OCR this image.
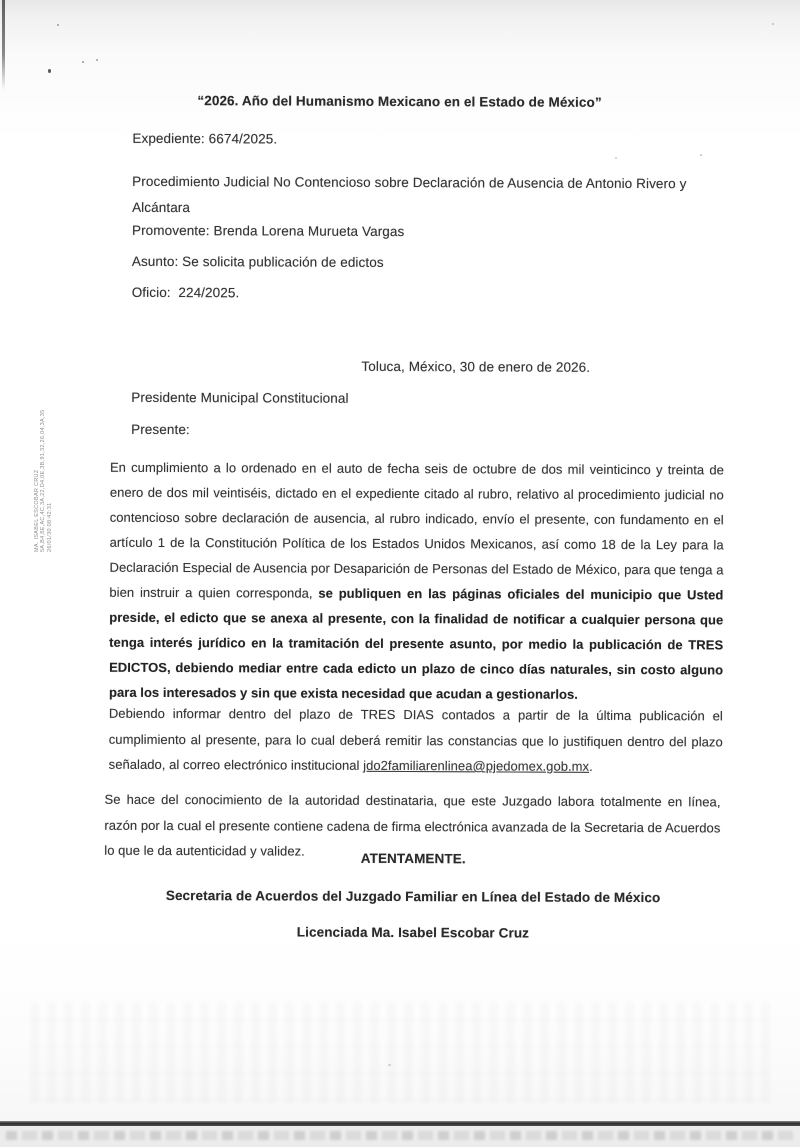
“2026. Año del Humanismo Mexicano en el Estado de México”
Expediente: 6674/2025.
Procedimiento Judicial No Contencioso sobre Declaración de Ausencia de Antonio Rivero y Alcántara
Promovente: Brenda Lorena Murueta Vargas
Asunto: Se solicita publicación de edictos
Oficio:  224/2025.
Toluca, México, 30 de enero de 2026.
Presidente Municipal Constitucional
Presente:
En cumplimiento a lo ordenado en el auto de fecha seis de octubre de dos mil veinticinco y treinta de enero de dos mil veintiséis, dictado en el expediente citado al rubro, relativo al procedimiento judicial no contencioso sobre declaración de ausencia, al rubro indicado, envío el presente, con fundamento en el artículo 1 de la Constitución Política de los Estados Unidos Mexicanos, así como 18 de la Ley para la Declaración Especial de Ausencia por Desaparición de Personas del Estado de México, para que tenga a bien instruir a quien corresponda, se publiquen en las páginas oficiales del municipio que Usted preside, el edicto que se anexa al presente, con la finalidad de notificar a cualquier persona que tenga interés jurídico en la tramitación del presente asunto, por medio la publicación de TRES EDICTOS, debiendo mediar entre cada edicto un plazo de cinco días naturales, sin costo alguno para los interesados y sin que exista necesidad que acudan a gestionarlos.
Debiendo informar dentro del plazo de TRES DIAS contados a partir de la última publicación el cumplimiento al presente, para lo cual deberá remitir las constancias que lo justifiquen dentro del plazo señalado, al correo electrónico institucional jdo2familiarenlinea@pjedomex.gob.mx.
Se hace del conocimiento de la autoridad destinataria, que este Juzgado labora totalmente en línea, razón por la cual el presente contiene cadena de firma electrónica avanzada de la Secretaria de Acuerdos lo que le da autenticidad y validez.	ATENTAMENTE.
Secretaria de Acuerdos del Juzgado Familiar en Línea del Estado de México
Licenciada Ma. Isabel Escobar Cruz
MA. ISABEL ESCOBAR CRUZ 5A,B4,8E,AC,4C,3A,22,D4,0E,3B,91,32,26,04,3A,35 26/01/30 08:42:31
